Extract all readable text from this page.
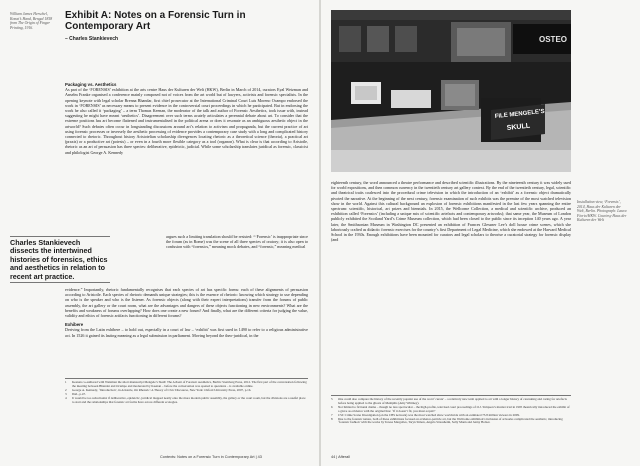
William James Herschel, Konai’s Hand, Bengal 1858 from The Origin of Finger Printing, 1916.
Exhibit A: Notes on a Forensic Turn in Contemporary Art
– Charles Stankievech
Packaging vs. Aesthetics
As part of the ‘FORENSIS’ exhibition at the arts centre Haus der Kulturen der Welt (HKW), Berlin in March of 2014, curators Eyal Weizman and Anselm Franke organised a conference mainly composed not of voices from the art world but of lawyers, activists and forensic specialists. In the opening keynote with legal scholar Brenna Bhandar, first chief prosecutor at the International Criminal Court Luis Moreno Ocampo endorsed the work in ‘FORENSIS’ as necessary means to present evidence in the controversial court proceedings in which he participated. But in endorsing the work he also called it ‘packaging’ – a term Thomas Keenan, the moderator of the talk and author of Forensic Aesthetics, took issue with, instead suggesting he might have meant ‘aesthetics’. Disagreement over such terms acutely articulates a perennial debate about art. To consider that the extreme positions has art become flattened and instrumentalised in the political arena or does it resonate as an ambiguous aesthetic object in the artworld? Such debates often occur in longstanding discussions around art’s relation to activism and propaganda, but the current practice of art using forensic processes or inversely the aesthetic processing of evidence provides a contemporary case study with a long and complicated history connected to rhetoric. Throughout history Aristotelian scholarship divergences locating rhetoric as a theoretical science (theoria), a practical art (praxis) or a productive art (poiesis) – or even in a fourth more flexible category as a tool (organon). What is clear is that according to Aristotle, rhetoric as an art of persuasion has three species: deliberative, epideictic, judicial. While some scholarship translates juridical as forensic, classicist and philologist George A. Kennedy

Charles Stankievech dissects the intertwined histories of forensics, ethics and aesthetics in relation to recent art practice.

argues such a limiting translation should be resisted: “‘Forensic’ is inappropriate since the forum (as in Rome) was the scene of all three species of oratory; it is also open to confusion with “forensics,” meaning mock debates, and “forensic,” meaning medical
evidence.” Importantly, rhetoric fundamentally recognises that each species of art has specific forms: each of these alignments of persuasion according to Aristotle. Each species of rhetoric demands unique strategies; this is the essence of rhetoric: knowing which strategy to use depending on who is the speaker and who is the listener. As forensic objects (along with their expert interpretations) transfer from the forums of public assembly, the art gallery or the court room, what are the advantages and dangers of these objects functioning in new environments? What are the benefits and weakness of forums overlapping? How does one create a new forum? And finally, what are the different criteria for judging the value, validity and ethics of forensic artifacts functioning in different forums?
Exhibere
Deriving from the Latin exhibere – to hold out, especially in a court of law – ‘exhibit’ was first used in 1490 to refer to a religious administrative act. In 1526 it gained its lasting meaning as a legal submission in parliament. Moving beyond the theo-juridical, in the
1	Keenan co-authored with Weizman the short manuscript Mengele’s Skull: The Advent of Forensic Aesthetics, Berlin: Sternberg Press, 2012. The first part of the conversation following the meeting between Bhandar and Ocampo and moderated by Keenan – before the conversation was opened to questions – is available online.
2	George A. Kennedy, ‘Introduction’, in Aristotle, On Rhetoric: A Theory of Civic Discourse, New York: Oxford University Press, 2007, p.16.
3	Ibid., p.47.
4	It would be too reductionist if deliberative, epideictic, juridical mapped neatly onto the more modern public assembly, the gallery or the court room, but the divisions are a useful place to start and the relationships that forensic art forms have across different ecologies.
Contexts: Notes on a Forensic Turn in Contemporary Art | 43
OSTEO
FILE MENGELE’S
SKULL
Installation view, ‘Forensis’, 2014, Haus der Kulturen der Welt, Berlin. Photograph: Laura Fiorio/HKW. Courtesy Haus der Kulturen der Welt
eighteenth century, the word announced a theatre performance and described scientific illustrations. By the nineteenth century it was widely used for world expositions, and then common currency in the twentieth century art gallery context. By the end of the twentieth century, legal, scientific and theatrical traits coalesced into the procedural crime television in which the introduction of an ‘exhibit’ as a forensic object dramatically pivoted the narrative. At the beginning of the next century, forensic examination of such exhibits was the premise of the most watched television show in the world. Against this cultural background an explosion of forensic exhibitions manifested in the last few years spanning the entire spectrum: scientific, historical, art prizes and biennials. In 2015, the Wellcome Collection, a medical and scientific archive, produced an exhibition called ‘Forensics’ (including a unique mix of scientific artefacts and contemporary artworks); that same year, the Museum of London publicly exhibited the Scotland Yard’s Crime Museum collection, which had been closed to the public since its inception 140 years ago. A year later, the Smithsonian Museum in Washington DC presented an exhibition of Frances Glessner Lee’s doll house crime scenes, which she laboriously crafted as didactic forensic exercises for the country’s first Department of Legal Medicine, which she endowed at the Harvard Medical School in the 1930s. Enough exhibitions have been mounted for curators and legal scholars to theorise a curatorial strategy for forensic display (and
5	One could also compare the history of the recently popular use of the word ‘curate’ – a relatively new term applied to art with a longer history of caretaking and caring for artefacts before being applied to the ghosts of Memphis (Amy Whitney).
6	Not limited to fictional drama – though no less spectacular – the high-profile, televised court proceedings of O.J. Simpson’s murder trial in 1995 theatrically introduced the exhibit of a glove as evidence with the original line: ‘If it doesn’t fit, you must acquit!’
7	CSI: Crime Scene Investigation (on the CBS network) was the most watched show worldwide with an estimated 73.8 million viewers in 2009.
8	Due to the forensic nature, both of these exhibitions focused on evidence-particle art, but the Wellcome exhibition’s inclusion of artworks complicated the aesthetic, introducing ‘forensic fashion’ with the works by Teresa Margolles, Taryn Simon, Angela Strassheim, Sally Mann and Jenny Holzer.
44 | Afterall
